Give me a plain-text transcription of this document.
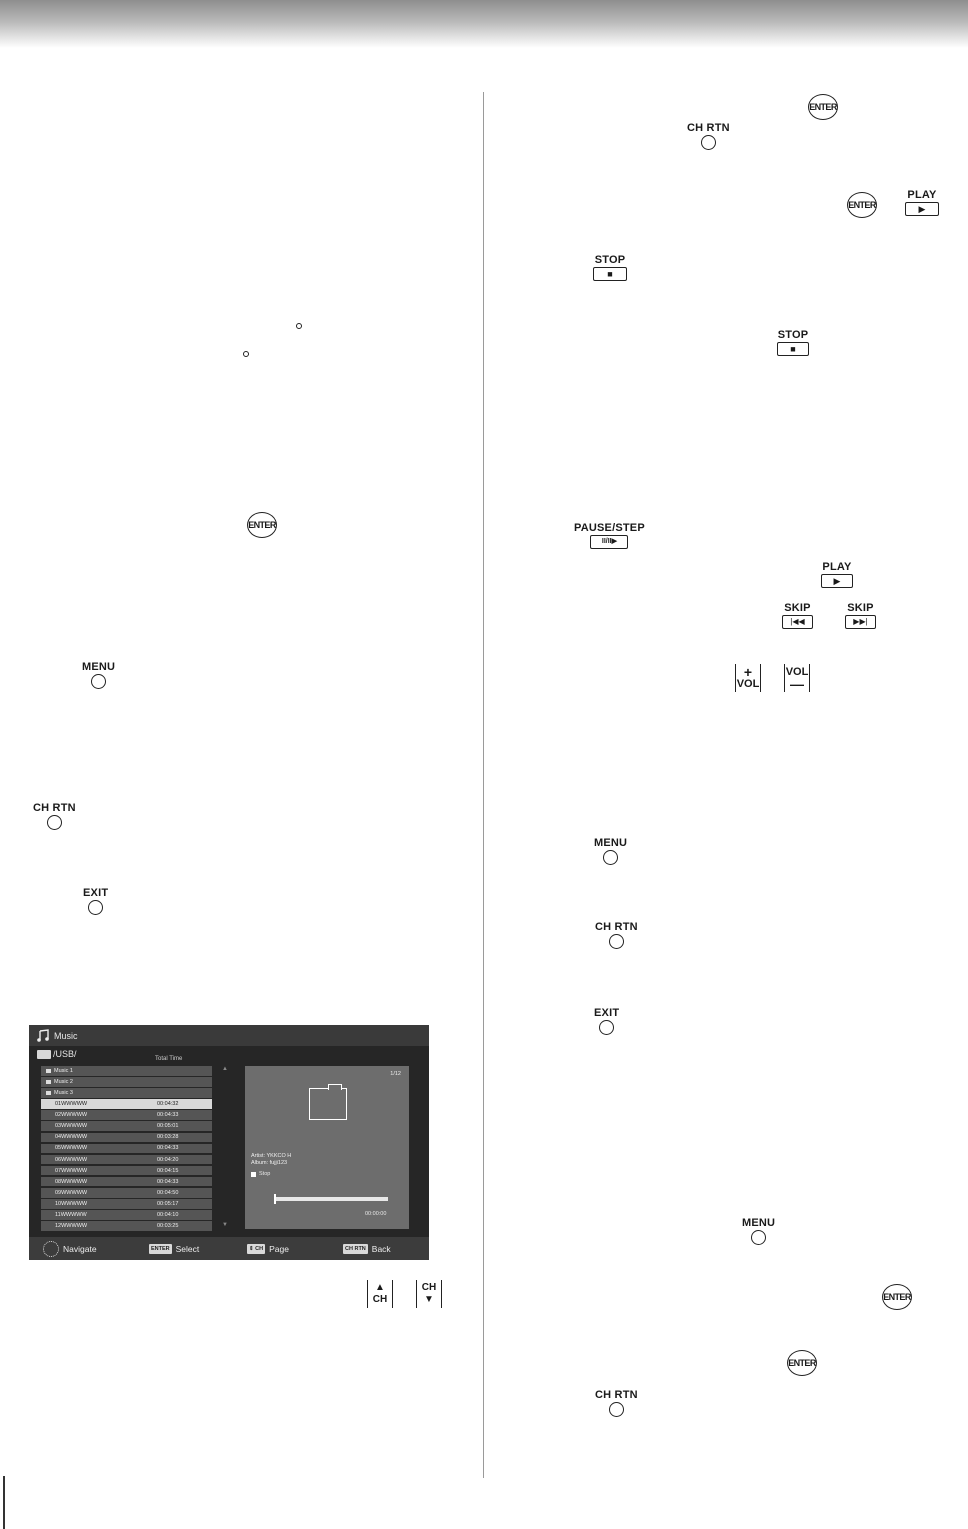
ENTER
MENU
CH RTN
EXIT
Music
/USB/	Total Time
Music 1
Music 2
Music 3
01WWWWW	00:04:32
02WWWWW	00:04:33
03WWWWW	00:05:01
04WWWWW	00:03:28
05WWWWW	00:04:33
06WWWWW	00:04:20
07WWWWW	00:04:15
08WWWWW	00:04:33
09WWWWW	00:04:50
10WWWWW	00:05:17
11WWWWW	00:04:10
12WWWWW	00:03:25
▲
▼
1/12
Artist: YKKCO H
Album: fujji123
Stop
00:00:00
Navigate	ENTER Select	⇕ CH Page	CH RTN Back
▲
CH
CH
▼
ENTER
CH RTN
ENTER
PLAY
▶
STOP
■
STOP
■
PAUSE/STEP
II/II▶
PLAY
▶
SKIP
|◀◀
SKIP
▶▶|
+
VOL
VOL
—
MENU
CH RTN
EXIT
MENU
ENTER
ENTER
CH RTN
